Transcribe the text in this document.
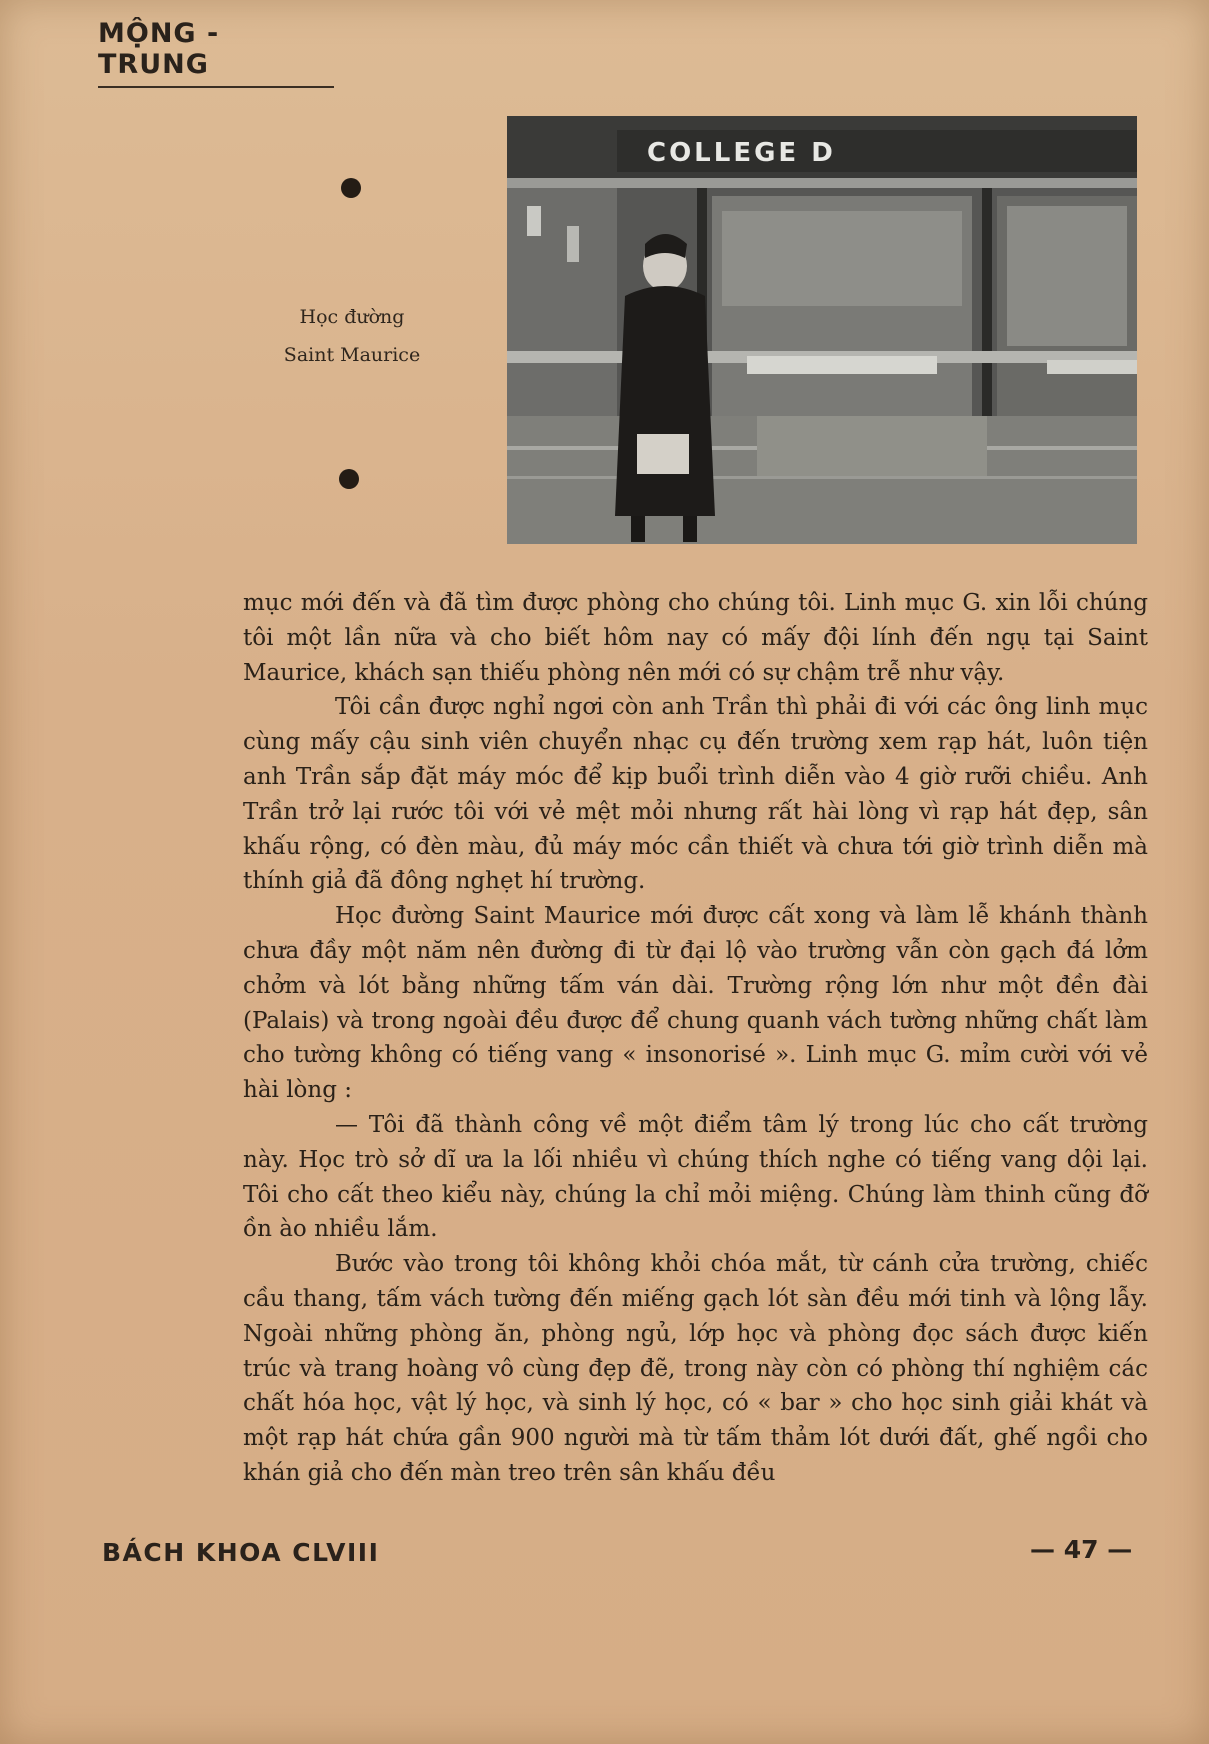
MỘNG - TRUNG
Học đường
Saint Maurice
COLLEGE D

mục mới đến và đã tìm được phòng cho chúng tôi. Linh mục G. xin lỗi chúng tôi một lần nữa và cho biết hôm nay có mấy đội lính đến ngụ tại Saint Maurice, khách sạn thiếu phòng nên mới có sự chậm trễ như vậy.

Tôi cần được nghỉ ngơi còn anh Trần thì phải đi với các ông linh mục cùng mấy cậu sinh viên chuyển nhạc cụ đến trường xem rạp hát, luôn tiện anh Trần sắp đặt máy móc để kịp buổi trình diễn vào 4 giờ rưỡi chiều. Anh Trần trở lại rước tôi với vẻ mệt mỏi nhưng rất hài lòng vì rạp hát đẹp, sân khấu rộng, có đèn màu, đủ máy móc cần thiết và chưa tới giờ trình diễn mà thính giả đã đông nghẹt hí trường.

Học đường Saint Maurice mới được cất xong và làm lễ khánh thành chưa đầy một năm nên đường đi từ đại lộ vào trường vẫn còn gạch đá lởm chởm và lót bằng những tấm ván dài. Trường rộng lớn như một đền đài (Palais) và trong ngoài đều được để chung quanh vách tường những chất làm cho tường không có tiếng vang « insonorisé ». Linh mục G. mỉm cười với vẻ hài lòng :

— Tôi đã thành công về một điểm tâm lý trong lúc cho cất trường này. Học trò sở dĩ ưa la lối nhiều vì chúng thích nghe có tiếng vang dội lại. Tôi cho cất theo kiểu này, chúng la chỉ mỏi miệng. Chúng làm thinh cũng đỡ ồn ào nhiều lắm.

Bước vào trong tôi không khỏi chóa mắt, từ cánh cửa trường, chiếc cầu thang, tấm vách tường đến miếng gạch lót sàn đều mới tinh và lộng lẫy. Ngoài những phòng ăn, phòng ngủ, lớp học và phòng đọc sách được kiến trúc và trang hoàng vô cùng đẹp đẽ, trong này còn có phòng thí nghiệm các chất hóa học, vật lý học, và sinh lý học, có « bar » cho học sinh giải khát và một rạp hát chứa gần 900 người mà từ tấm thảm lót dưới đất, ghế ngồi cho khán giả cho đến màn treo trên sân khấu đều

BÁCH KHOA CLVIII	— 47 —
